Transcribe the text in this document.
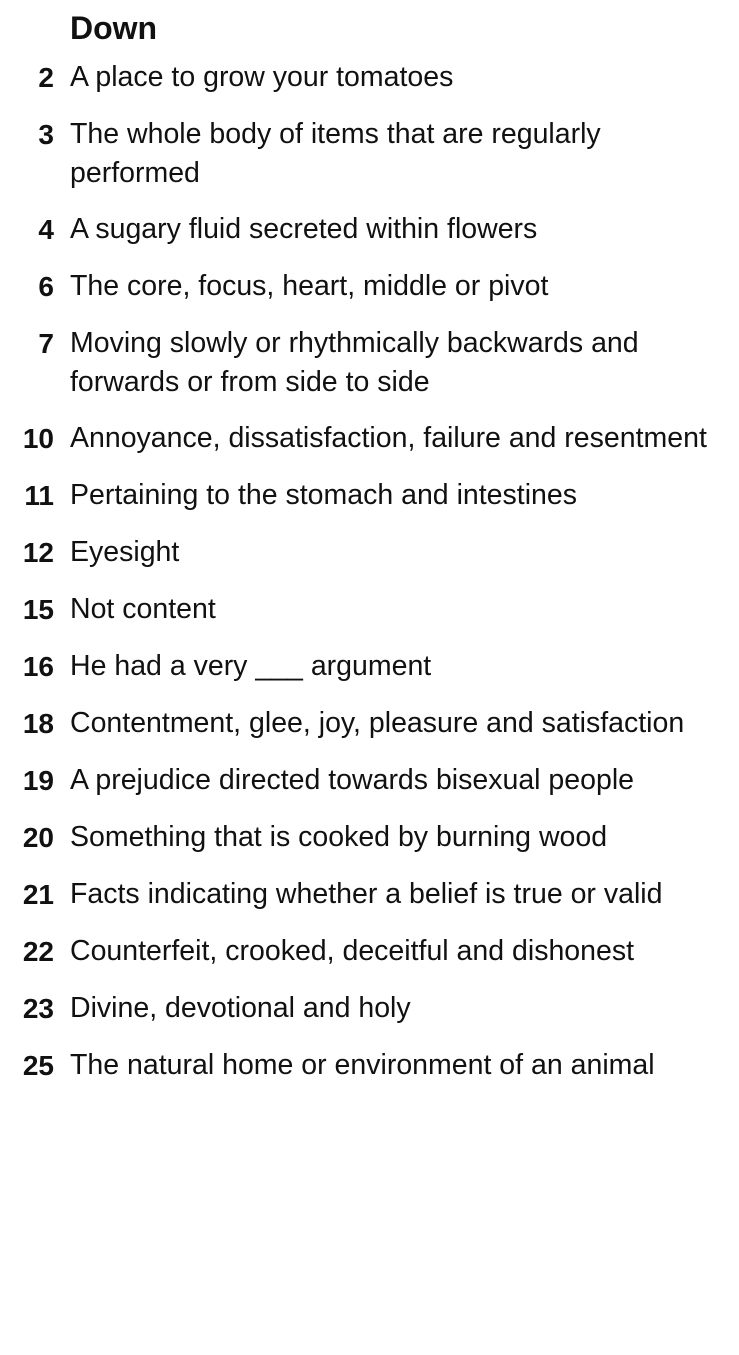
Down
2 A place to grow your tomatoes
3 The whole body of items that are regularly performed
4 A sugary fluid secreted within flowers
6 The core, focus, heart, middle or pivot
7 Moving slowly or rhythmically backwards and forwards or from side to side
10 Annoyance, dissatisfaction, failure and resentment
11 Pertaining to the stomach and intestines
12 Eyesight
15 Not content
16 He had a very ___ argument
18 Contentment, glee, joy, pleasure and satisfaction
19 A prejudice directed towards bisexual people
20 Something that is cooked by burning wood
21 Facts indicating whether a belief is true or valid
22 Counterfeit, crooked, deceitful and dishonest
23 Divine, devotional and holy
25 The natural home or environment of an animal
